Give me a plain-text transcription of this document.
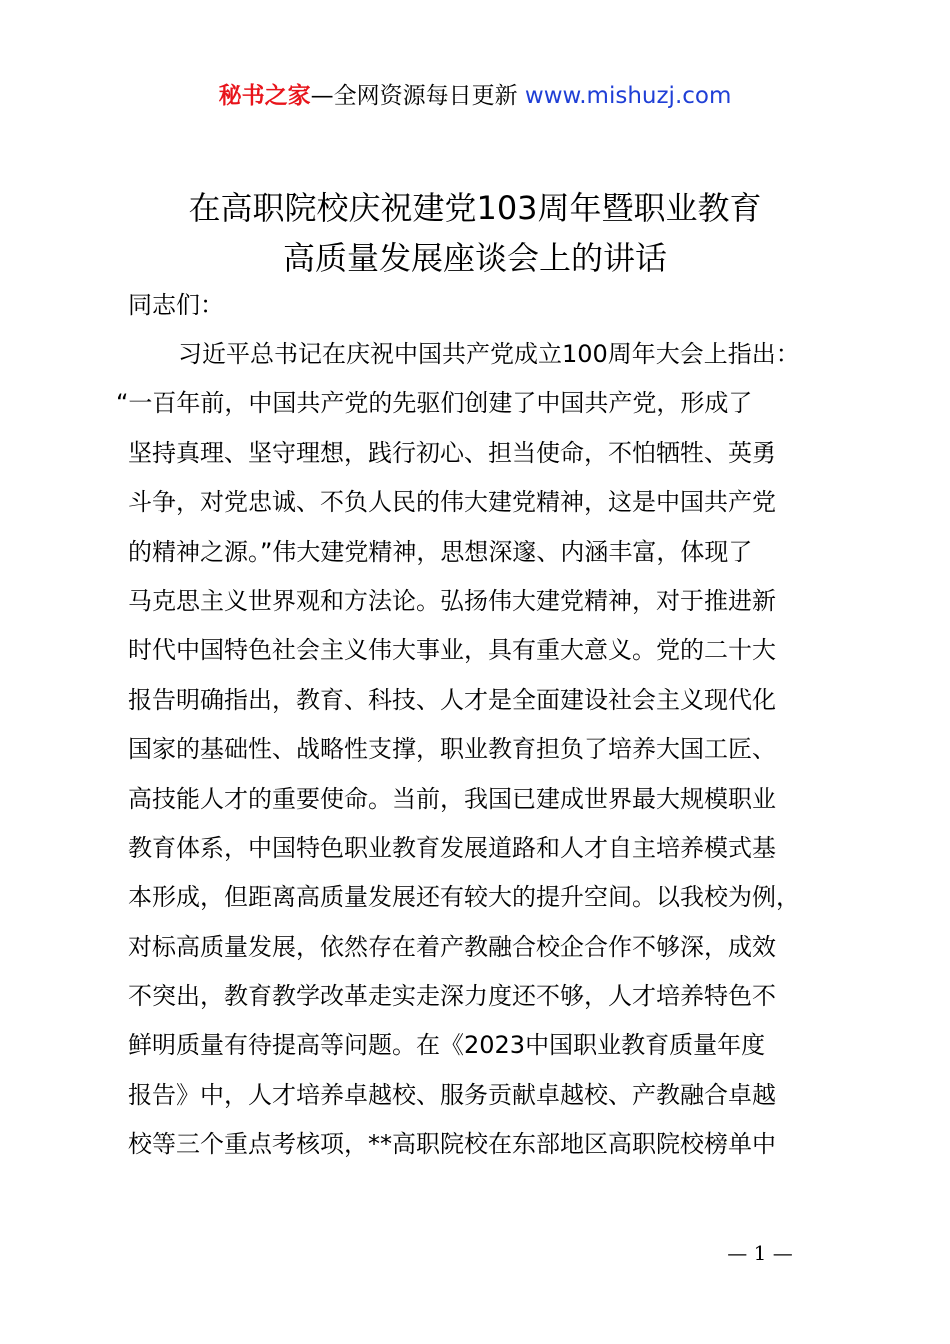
秘书之家—全网资源每日更新 www.mishuzj.com
在高职院校庆祝建党103周年暨职业教育
高质量发展座谈会上的讲话
同志们：
习近平总书记在庆祝中国共产党成立100周年大会上指出：
“一百年前，中国共产党的先驱们创建了中国共产党，形成了
坚持真理、坚守理想，践行初心、担当使命，不怕牺牲、英勇
斗争，对党忠诚、不负人民的伟大建党精神，这是中国共产党
的精神之源。”伟大建党精神，思想深邃、内涵丰富，体现了
马克思主义世界观和方法论。弘扬伟大建党精神，对于推进新
时代中国特色社会主义伟大事业，具有重大意义。党的二十大
报告明确指出，教育、科技、人才是全面建设社会主义现代化
国家的基础性、战略性支撑，职业教育担负了培养大国工匠、
高技能人才的重要使命。当前，我国已建成世界最大规模职业
教育体系，中国特色职业教育发展道路和人才自主培养模式基
本形成，但距离高质量发展还有较大的提升空间。以我校为例，
对标高质量发展，依然存在着产教融合校企合作不够深，成效
不突出，教育教学改革走实走深力度还不够，人才培养特色不
鲜明质量有待提高等问题。在《2023中国职业教育质量年度
报告》中，人才培养卓越校、服务贡献卓越校、产教融合卓越
校等三个重点考核项，**高职院校在东部地区高职院校榜单中
— 1 —
